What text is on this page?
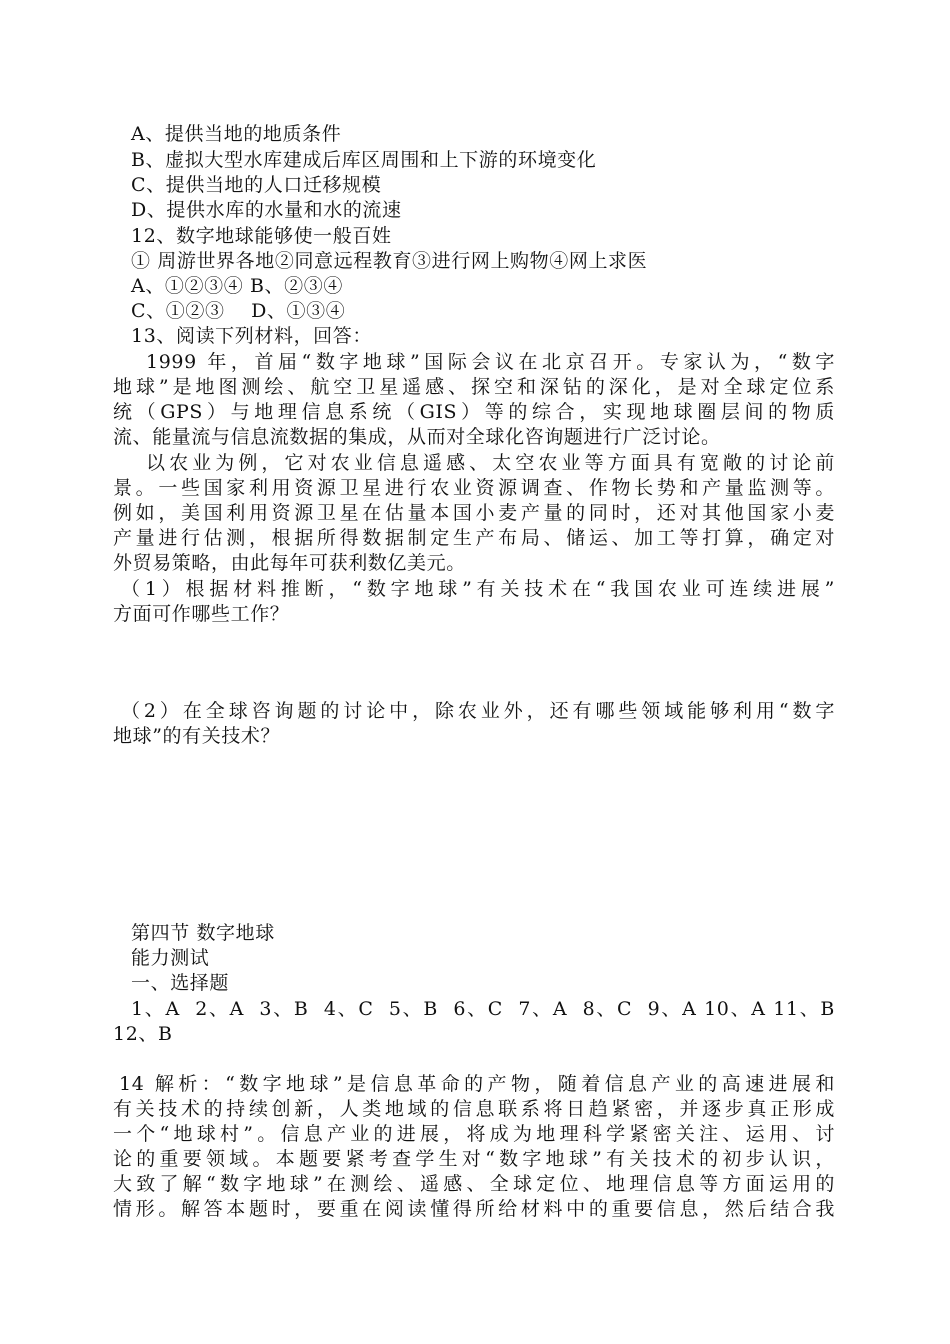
A、提供当地的地质条件
B、虚拟大型水库建成后库区周围和上下游的环境变化
C、提供当地的人口迁移规模
D、提供水库的水量和水的流速
12、数字地球能够使一般百姓
① 周游世界各地②同意远程教育③进行网上购物④网上求医
A、①②③④ B、②③④
C、①②③    D、①③④
13、阅读下列材料，回答：
1999 年，首届“数字地球”国际会议在北京召开。专家认为，“数字
地球”是地图测绘、航空卫星遥感、探空和深钻的深化，是对全球定位系
统（GPS）与地理信息系统（GIS）等的综合，实现地球圈层间的物质
流、能量流与信息流数据的集成，从而对全球化咨询题进行广泛讨论。
以农业为例，它对农业信息遥感、太空农业等方面具有宽敞的讨论前
景。一些国家利用资源卫星进行农业资源调查、作物长势和产量监测等。
例如，美国利用资源卫星在估量本国小麦产量的同时，还对其他国家小麦
产量进行估测，根据所得数据制定生产布局、储运、加工等打算，确定对
外贸易策略，由此每年可获利数亿美元。
（1）根据材料推断，“数字地球”有关技术在“我国农业可连续进展”
方面可作哪些工作？
（2）在全球咨询题的讨论中，除农业外，还有哪些领域能够利用“数字
地球”的有关技术？
第四节 数字地球
能力测试
一、选择题
1、A  2、A  3、B  4、C  5、B  6、C  7、A  8、C  9、A 10、A 11、B
12、B
14 解析：“数字地球”是信息革命的产物，随着信息产业的高速进展和
有关技术的持续创新，人类地域的信息联系将日趋紧密，并逐步真正形成
一个“地球村”。信息产业的进展，将成为地理科学紧密关注、运用、讨
论的重要领域。本题要紧考查学生对“数字地球”有关技术的初步认识，
大致了解“数字地球”在测绘、遥感、全球定位、地理信息等方面运用的
情形。解答本题时，要重在阅读懂得所给材料中的重要信息，然后结合我
